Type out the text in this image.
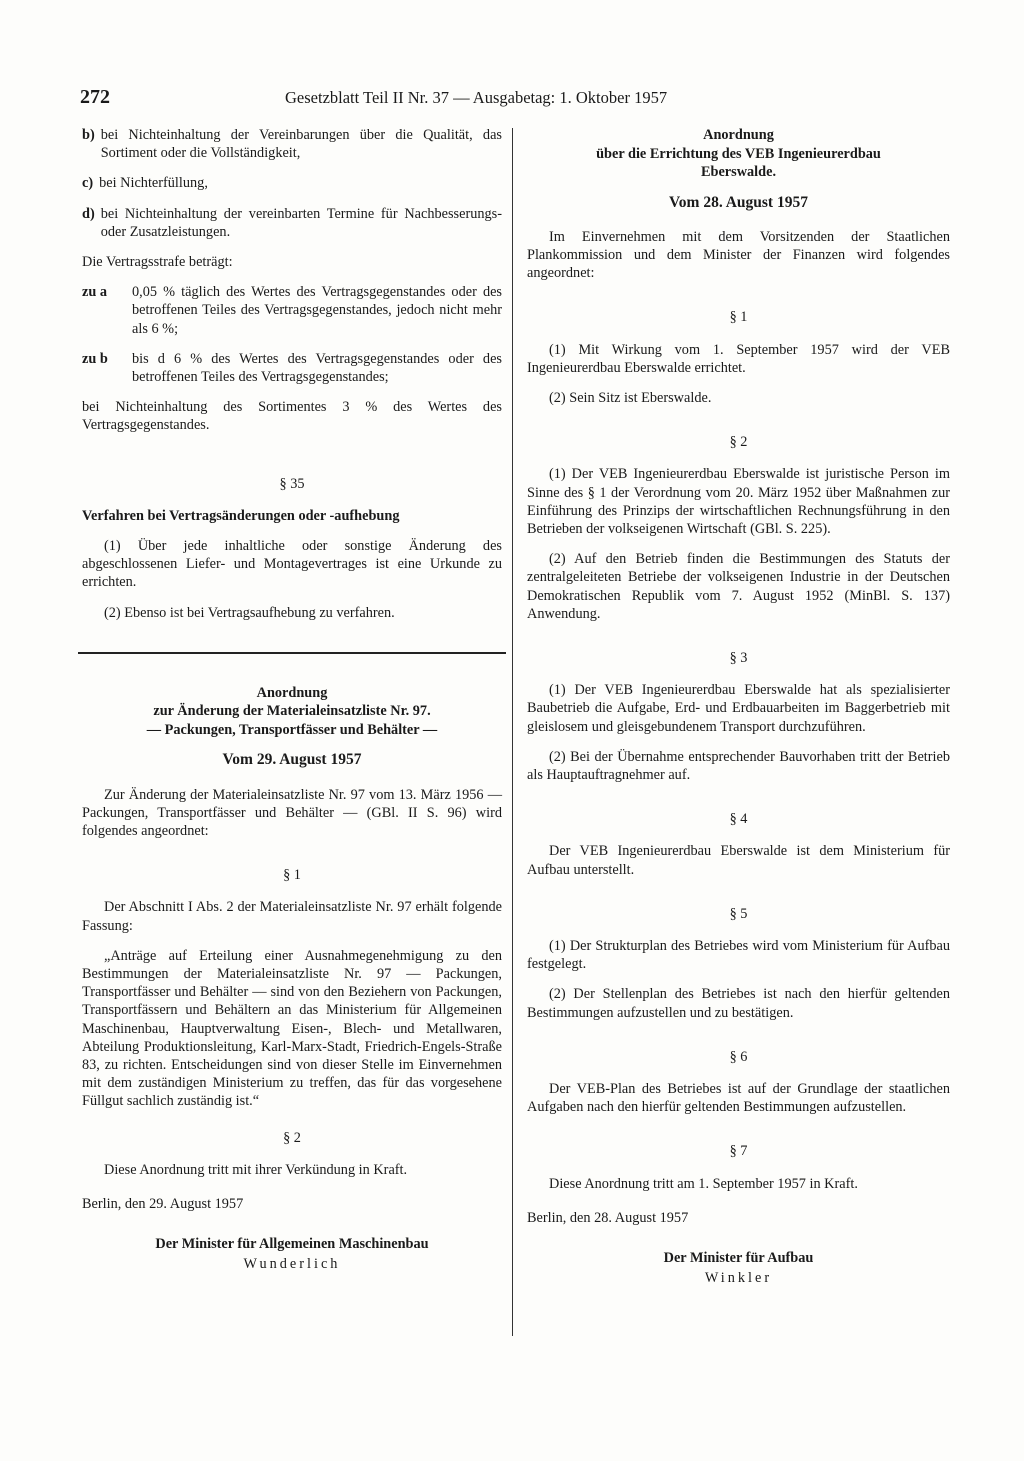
272	Gesetzblatt Teil II Nr. 37 — Ausgabetag: 1. Oktober 1957
b) bei Nichteinhaltung der Vereinbarungen über die Qualität, das Sortiment oder die Vollständigkeit,
c) bei Nichterfüllung,
d) bei Nichteinhaltung der vereinbarten Termine für Nachbesserungs- oder Zusatzleistungen.

Die Vertragsstrafe beträgt:

zu a	0,05 % täglich des Wertes des Vertragsgegenstandes oder des betroffenen Teiles des Vertragsgegenstandes, jedoch nicht mehr als 6 %;
zu b	bis d 6 % des Wertes des Vertragsgegenstandes oder des betroffenen Teiles des Vertragsgegenstandes;

bei Nichteinhaltung des Sortimentes 3 % des Wertes des Vertragsgegenstandes.

§ 35

Verfahren bei Vertragsänderungen oder -aufhebung

(1) Über jede inhaltliche oder sonstige Änderung des abgeschlossenen Liefer- und Montagevertrages ist eine Urkunde zu errichten.

(2) Ebenso ist bei Vertragsaufhebung zu verfahren.

Anordnung

zur Änderung der Materialeinsatzliste Nr. 97.

— Packungen, Transportfässer und Behälter —

Vom 29. August 1957

Zur Änderung der Materialeinsatzliste Nr. 97 vom 13. März 1956 — Packungen, Transportfässer und Behälter — (GBl. II S. 96) wird folgendes angeordnet:

§ 1

Der Abschnitt I Abs. 2 der Materialeinsatzliste Nr. 97 erhält folgende Fassung:

„Anträge auf Erteilung einer Ausnahmegenehmigung zu den Bestimmungen der Materialeinsatzliste Nr. 97 — Packungen, Transportfässer und Behälter — sind von den Beziehern von Packungen, Transportfässern und Behältern an das Ministerium für Allgemeinen Maschinenbau, Hauptverwaltung Eisen-, Blech- und Metallwaren, Abteilung Produktionsleitung, Karl-Marx-Stadt, Friedrich-Engels-Straße 83, zu richten. Entscheidungen sind von dieser Stelle im Einvernehmen mit dem zuständigen Ministerium zu treffen, das für das vorgesehene Füllgut sachlich zuständig ist.“

§ 2

Diese Anordnung tritt mit ihrer Verkündung in Kraft.

Berlin, den 29. August 1957

Der Minister für Allgemeinen Maschinenbau

Wunderlich

Anordnung

über die Errichtung des VEB Ingenieurerdbau

Eberswalde.

Vom 28. August 1957

Im Einvernehmen mit dem Vorsitzenden der Staatlichen Plankommission und dem Minister der Finanzen wird folgendes angeordnet:

§ 1

(1) Mit Wirkung vom 1. September 1957 wird der VEB Ingenieurerdbau Eberswalde errichtet.

(2) Sein Sitz ist Eberswalde.

§ 2

(1) Der VEB Ingenieurerdbau Eberswalde ist juristische Person im Sinne des § 1 der Verordnung vom 20. März 1952 über Maßnahmen zur Einführung des Prinzips der wirtschaftlichen Rechnungsführung in den Betrieben der volkseigenen Wirtschaft (GBl. S. 225).

(2) Auf den Betrieb finden die Bestimmungen des Statuts der zentralgeleiteten Betriebe der volkseigenen Industrie in der Deutschen Demokratischen Republik vom 7. August 1952 (MinBl. S. 137) Anwendung.

§ 3

(1) Der VEB Ingenieurerdbau Eberswalde hat als spezialisierter Baubetrieb die Aufgabe, Erd- und Erdbauarbeiten im Baggerbetrieb mit gleislosem und gleisgebundenem Transport durchzuführen.

(2) Bei der Übernahme entsprechender Bauvorhaben tritt der Betrieb als Hauptauftragnehmer auf.

§ 4

Der VEB Ingenieurerdbau Eberswalde ist dem Ministerium für Aufbau unterstellt.

§ 5

(1) Der Strukturplan des Betriebes wird vom Ministerium für Aufbau festgelegt.

(2) Der Stellenplan des Betriebes ist nach den hierfür geltenden Bestimmungen aufzustellen und zu bestätigen.

§ 6

Der VEB-Plan des Betriebes ist auf der Grundlage der staatlichen Aufgaben nach den hierfür geltenden Bestimmungen aufzustellen.

§ 7

Diese Anordnung tritt am 1. September 1957 in Kraft.

Berlin, den 28. August 1957

Der Minister für Aufbau

Winkler
